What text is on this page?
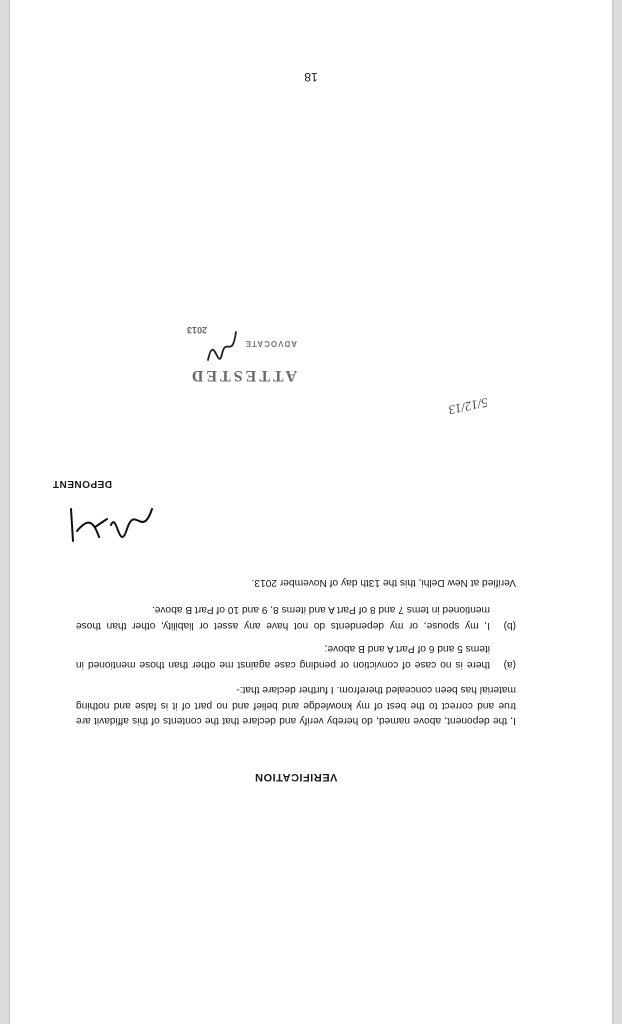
VERIFICATION

I, the deponent, above named, do hereby verify and declare that the contents of this affidavit are true and correct to the best of my knowledge and belief and no part of it is false and nothing material has been concealed therefrom. I further declare that:-

(a)
there is no case of conviction or pending case against me other than those mentioned in items 5 and 6 of Part A and B above;
(b)
I, my spouse, or my dependents do not have any asset or liability, other than those mentioned in tems 7 and 8 of Part A and items 8, 9 and 10 of Part B above.

Verified at New Delhi, this the 13th day of November 2013.

DEPONENT
5/12/13
ATTESTED
ADVOCATE
2013
18
